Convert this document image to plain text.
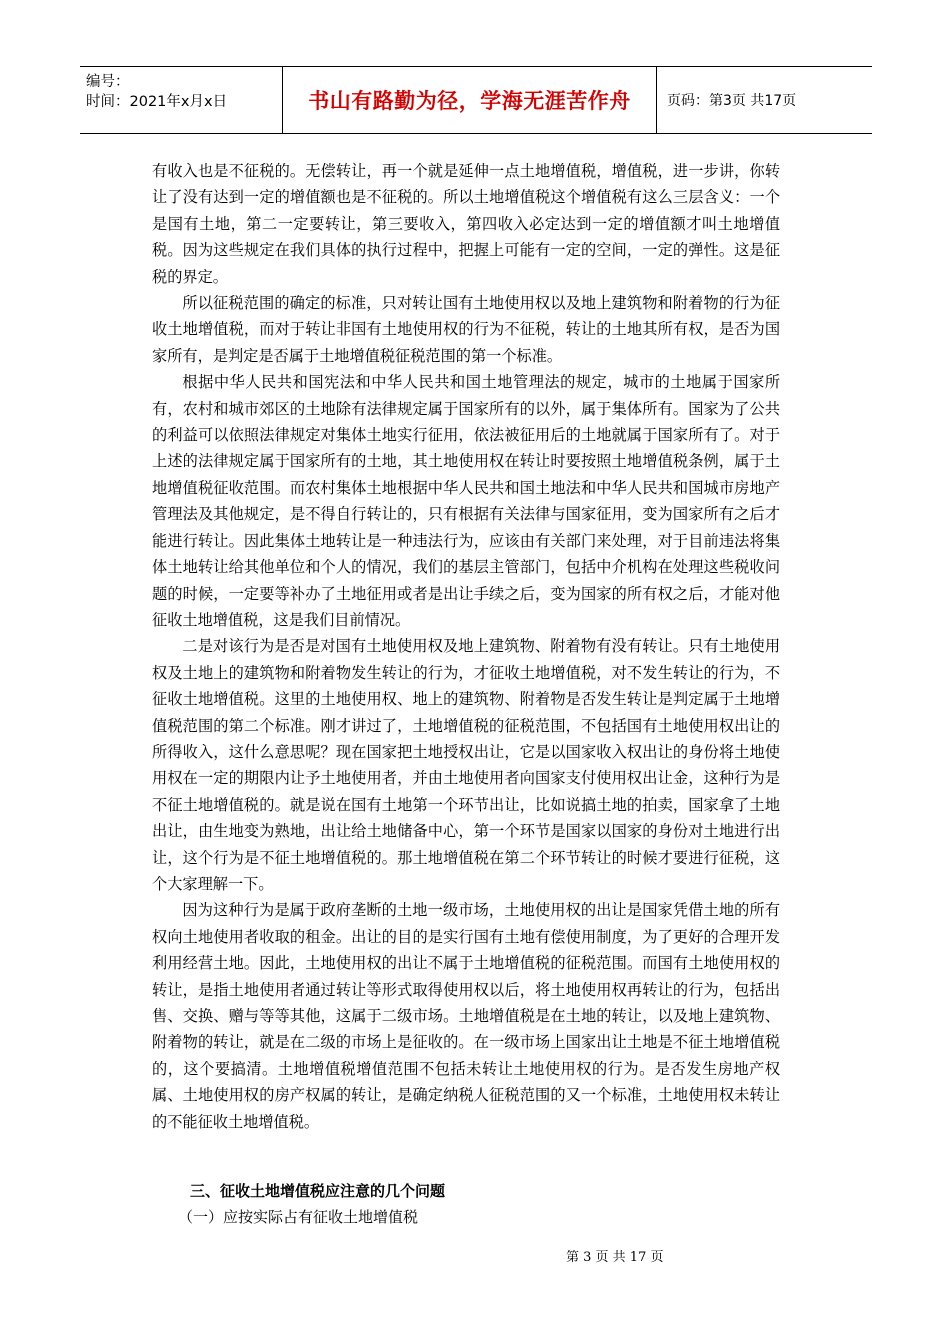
编号：
时间：2021年x月x日	书山有路勤为径，学海无涯苦作舟	页码：第3页 共17页

有收入也是不征税的。无偿转让，再一个就是延伸一点土地增值税，增值税，进一步讲，你转让了没有达到一定的增值额也是不征税的。所以土地增值税这个增值税有这么三层含义：一个是国有土地，第二一定要转让，第三要收入，第四收入必定达到一定的增值额才叫土地增值税。因为这些规定在我们具体的执行过程中，把握上可能有一定的空间，一定的弹性。这是征税的界定。

所以征税范围的确定的标准，只对转让国有土地使用权以及地上建筑物和附着物的行为征收土地增值税，而对于转让非国有土地使用权的行为不征税，转让的土地其所有权，是否为国家所有，是判定是否属于土地增值税征税范围的第一个标准。

根据中华人民共和国宪法和中华人民共和国土地管理法的规定，城市的土地属于国家所有，农村和城市郊区的土地除有法律规定属于国家所有的以外，属于集体所有。国家为了公共的利益可以依照法律规定对集体土地实行征用，依法被征用后的土地就属于国家所有了。对于上述的法律规定属于国家所有的土地，其土地使用权在转让时要按照土地增值税条例，属于土地增值税征收范围。而农村集体土地根据中华人民共和国土地法和中华人民共和国城市房地产管理法及其他规定，是不得自行转让的，只有根据有关法律与国家征用，变为国家所有之后才能进行转让。因此集体土地转让是一种违法行为，应该由有关部门来处理，对于目前违法将集体土地转让给其他单位和个人的情况，我们的基层主管部门，包括中介机构在处理这些税收问题的时候，一定要等补办了土地征用或者是出让手续之后，变为国家的所有权之后，才能对他征收土地增值税，这是我们目前情况。

二是对该行为是否是对国有土地使用权及地上建筑物、附着物有没有转让。只有土地使用权及土地上的建筑物和附着物发生转让的行为，才征收土地增值税，对不发生转让的行为，不征收土地增值税。这里的土地使用权、地上的建筑物、附着物是否发生转让是判定属于土地增值税范围的第二个标准。刚才讲过了，土地增值税的征税范围，不包括国有土地使用权出让的所得收入，这什么意思呢？现在国家把土地授权出让，它是以国家收入权出让的身份将土地使用权在一定的期限内让予土地使用者，并由土地使用者向国家支付使用权出让金，这种行为是不征土地增值税的。就是说在国有土地第一个环节出让，比如说搞土地的拍卖，国家拿了土地出让，由生地变为熟地，出让给土地储备中心，第一个环节是国家以国家的身份对土地进行出让，这个行为是不征土地增值税的。那土地增值税在第二个环节转让的时候才要进行征税，这个大家理解一下。

因为这种行为是属于政府垄断的土地一级市场，土地使用权的出让是国家凭借土地的所有权向土地使用者收取的租金。出让的目的是实行国有土地有偿使用制度，为了更好的合理开发利用经营土地。因此，土地使用权的出让不属于土地增值税的征税范围。而国有土地使用权的转让，是指土地使用者通过转让等形式取得使用权以后，将土地使用权再转让的行为，包括出售、交换、赠与等等其他，这属于二级市场。土地增值税是在土地的转让，以及地上建筑物、附着物的转让，就是在二级的市场上是征收的。在一级市场上国家出让土地是不征土地增值税的，这个要搞清。土地增值税增值范围不包括未转让土地使用权的行为。是否发生房地产权属、土地使用权的房产权属的转让，是确定纳税人征税范围的又一个标准，土地使用权未转让的不能征收土地增值税。

三、征收土地增值税应注意的几个问题
（一）应按实际占有征收土地增值税
第 3 页 共 17 页
